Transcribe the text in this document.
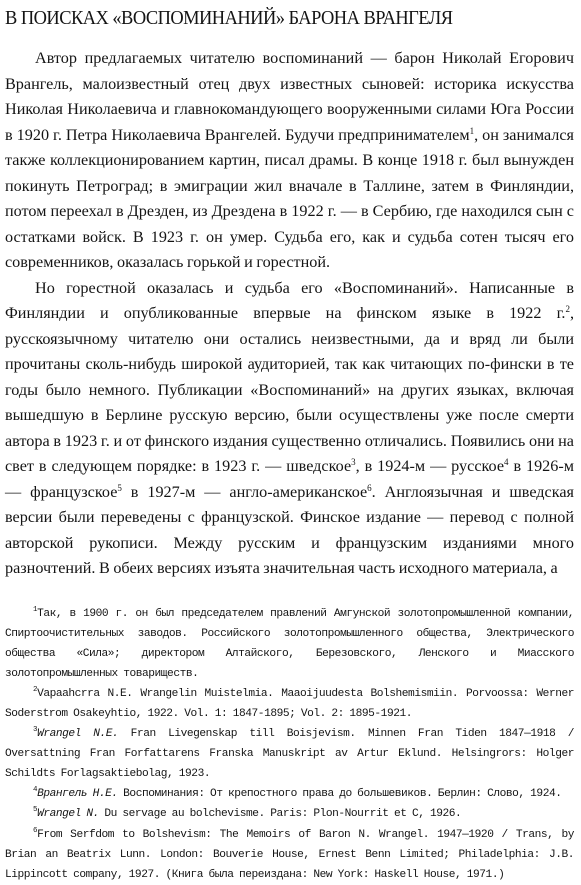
В ПОИСКАХ «ВОСПОМИНАНИЙ» БАРОНА ВРАНГЕЛЯ

Автор предлагаемых читателю воспоминаний — барон Николай Егорович Врангель, малоизвестный отец двух известных сыновей: историка искусства Николая Николаевича и главнокомандующего вооруженными силами Юга России в 1920 г. Петра Николаевича Врангелей. Будучи предпринимателем$^1$, он занимался также коллекционированием картин, писал драмы. В конце 1918 г. был вынужден покинуть Петроград; в эмиграции жил вначале в Таллине, затем в Финляндии, потом переехал в Дрезден, из Дрездена в 1922 г. — в Сербию, где находился сын с остатками войск. В 1923 г. он умер. Судьба его, как и судьба сотен тысяч его современников, оказалась горькой и горестной.

Но горестной оказалась и судьба его «Воспоминаний». Написанные в Финляндии и опубликованные впервые на финском языке в 1922 г.$^2$, русскоязычному читателю они остались неизвестными, да и вряд ли были прочитаны сколь-нибудь широкой аудиторией, так как читающих по-фински в те годы было немного. Публикации «Воспоминаний» на других языках, включая вышедшую в Берлине русскую версию, были осуществлены уже после смерти автора в 1923 г. и от финского издания существенно отличались. Появились они на свет в следующем порядке: в 1923 г. — шведское$^3$, в 1924-м — русское$^4$ в 1926-м — французское$^5$ в 1927-м — англо-американское$^6$. Англоязычная и шведская версии были переведены с французской. Финское издание — перевод с полной авторской рукописи. Между русским и французским изданиями много разночтений. В обеих версиях изъята значительная часть исходного материала, а

$^1$Так, в 1900 г. он был председателем правлений Амгунской золотопромышленной компании, Спиртоочистительных заводов. Российского золотопромышленного общества, Электрического общества «Сила»; директором Алтайского, Березовского, Ленского и Миасского золотопромышленных товариществ.

$^2$Vapaahcrra N.E. Wrangelin Muistelmia. Maaoijuudesta Bolshemismiin. Porvoossa: Werner Soderstrom Osakeyhtio, 1922. Vol. 1: 1847-1895; Vol. 2: 1895-1921.

$^3$Wrangel N.E. Fran Livegenskap till Boisjevism. Minnen Fran Tiden 1847—1918 / Oversattning Fran Forfattarens Franska Manuskript av Artur Eklund. Helsingrors: Holger Schildts Forlagsaktiebolag, 1923.

$^4$Врангель Н.Е. Воспоминания: От крепостного права до большевиков. Берлин: Слово, 1924.

$^5$Wrangel N. Du servage au bolchevisme. Paris: Plon-Nourrit et C, 1926.

$^6$From Serfdom to Bolshevism: The Memoirs of Baron N. Wrangel. 1947—1920 / Trans, by Brian an Beatrix Lunn. London: Bouverie House, Ernest Benn Limited; Philadelphia: J.B. Lippincott company, 1927. (Книга была переиздана: New York: Haskell House, 1971.)
